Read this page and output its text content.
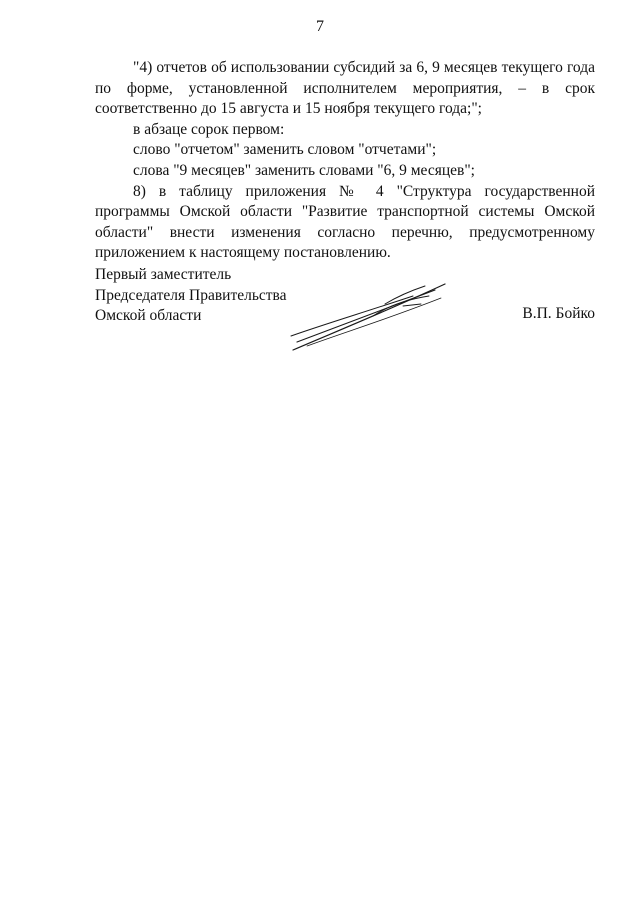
7

"4) отчетов об использовании субсидий за 6, 9 месяцев текущего года по форме, установленной исполнителем мероприятия, – в срок соответственно до 15 августа и 15 ноября текущего года;";

в абзаце сорок первом:

слово "отчетом" заменить словом "отчетами";

слова "9 месяцев" заменить словами "6, 9 месяцев";

8) в таблицу приложения № 4 "Структура государственной программы Омской области "Развитие транспортной системы Омской области" внести изменения согласно перечню, предусмотренному приложением к настоящему постановлению.

Первый заместитель
Председателя Правительства
Омской области	В.П. Бойко
